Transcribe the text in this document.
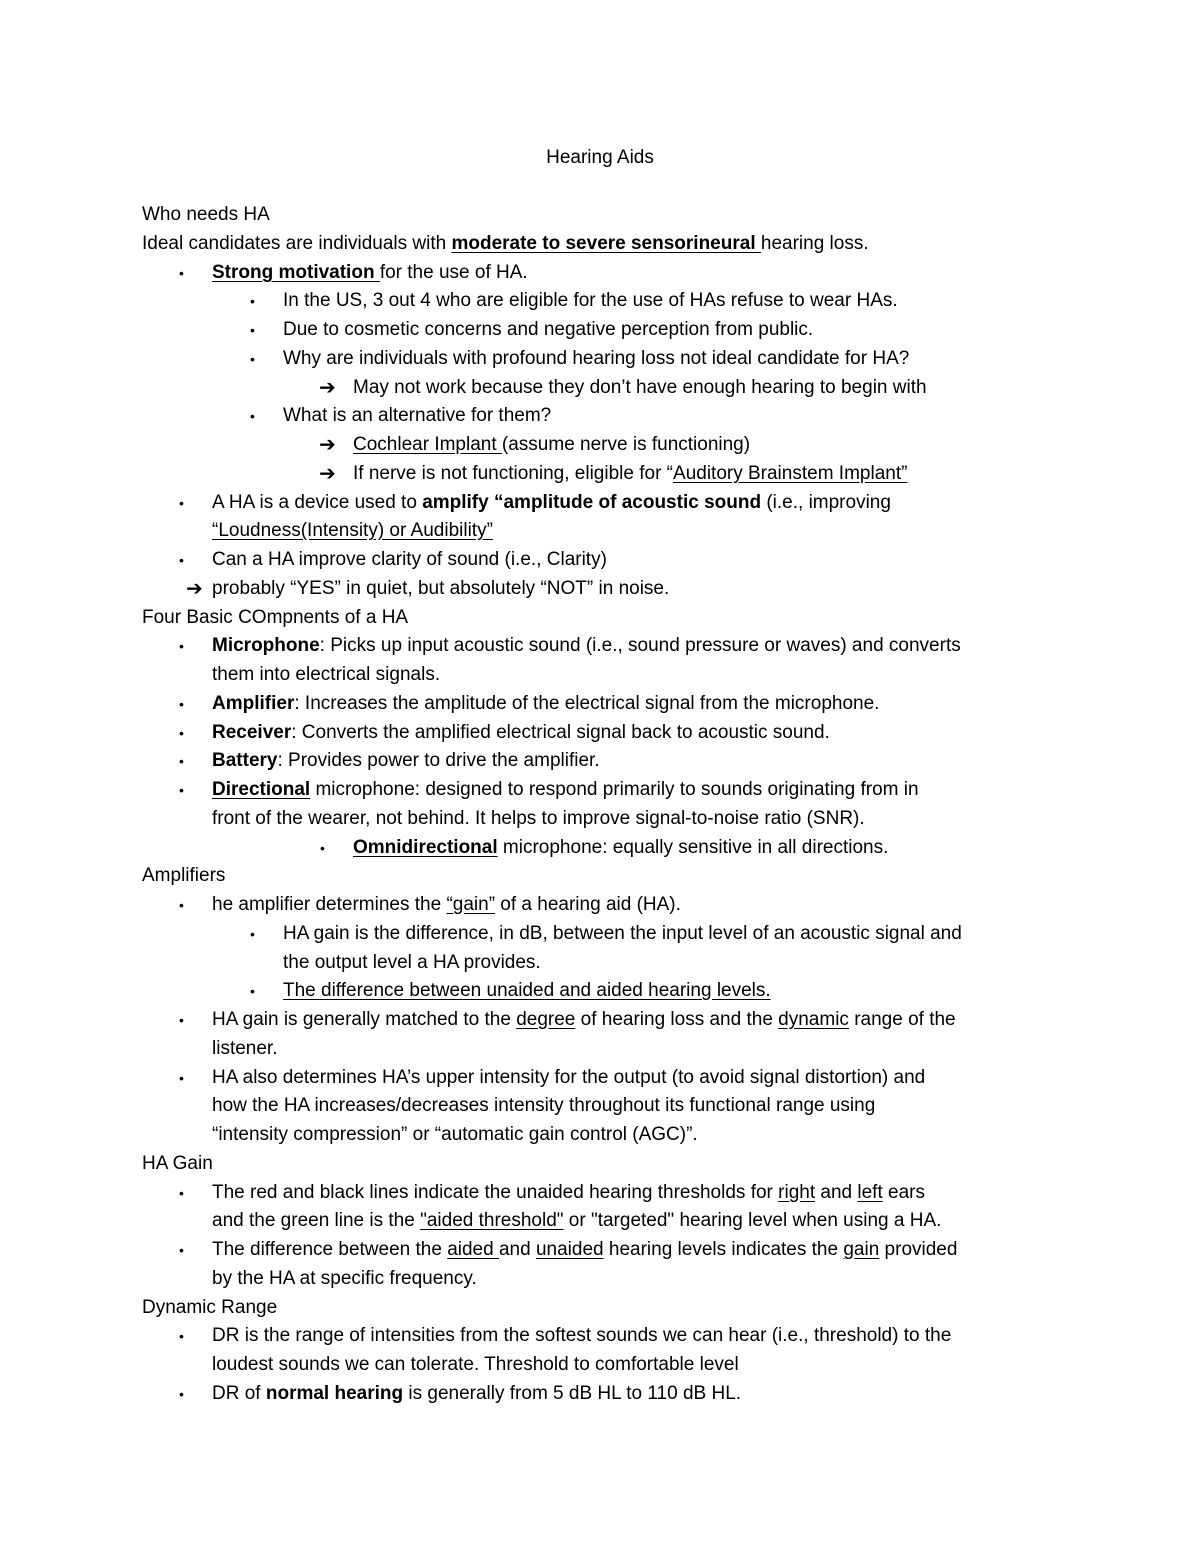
Hearing Aids
Who needs HA
Ideal candidates are individuals with moderate to severe sensorineural hearing loss.
• Strong motivation for the use of HA.
• In the US, 3 out 4 who are eligible for the use of HAs refuse to wear HAs.
• Due to cosmetic concerns and negative perception from public.
• Why are individuals with profound hearing loss not ideal candidate for HA?
➔ May not work because they don’t have enough hearing to begin with
• What is an alternative for them?
➔ Cochlear Implant (assume nerve is functioning)
➔ If nerve is not functioning, eligible for “Auditory Brainstem Implant”
• A HA is a device used to amplify “amplitude of acoustic sound (i.e., improving
“Loudness(Intensity) or Audibility”
• Can a HA improve clarity of sound (i.e., Clarity)
➔ probably “YES” in quiet, but absolutely “NOT” in noise.
Four Basic COmpnents of a HA
• Microphone: Picks up input acoustic sound (i.e., sound pressure or waves) and converts
them into electrical signals.
• Amplifier: Increases the amplitude of the electrical signal from the microphone.
• Receiver: Converts the amplified electrical signal back to acoustic sound.
• Battery: Provides power to drive the amplifier.
• Directional microphone: designed to respond primarily to sounds originating from in
front of the wearer, not behind. It helps to improve signal-to-noise ratio (SNR).
• Omnidirectional microphone: equally sensitive in all directions.
Amplifiers
• he amplifier determines the “gain” of a hearing aid (HA).
• HA gain is the difference, in dB, between the input level of an acoustic signal and
the output level a HA provides.
• The difference between unaided and aided hearing levels.
• HA gain is generally matched to the degree of hearing loss and the dynamic range of the
listener.
• HA also determines HA’s upper intensity for the output (to avoid signal distortion) and
how the HA increases/decreases intensity throughout its functional range using
“intensity compression” or “automatic gain control (AGC)”.
HA Gain
• The red and black lines indicate the unaided hearing thresholds for right and left ears
and the green line is the "aided threshold" or "targeted" hearing level when using a HA.
• The difference between the aided and unaided hearing levels indicates the gain provided
by the HA at specific frequency.
Dynamic Range
• DR is the range of intensities from the softest sounds we can hear (i.e., threshold) to the
loudest sounds we can tolerate. Threshold to comfortable level
• DR of normal hearing is generally from 5 dB HL to 110 dB HL.
